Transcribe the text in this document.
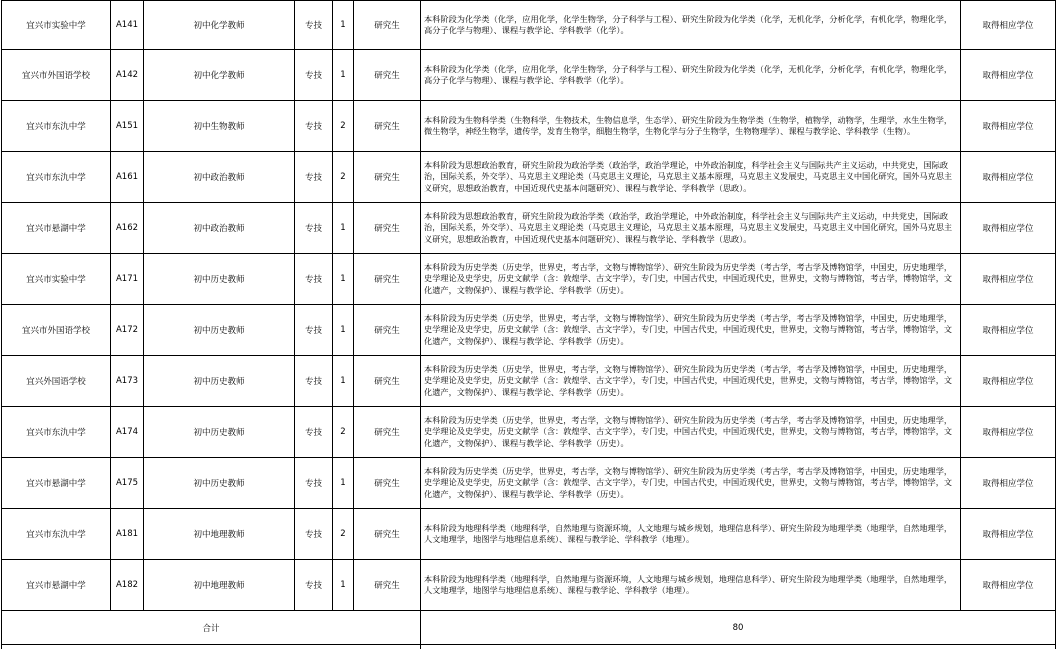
宜兴市实验中学	A141	初中化学教师	专技	1	研究生	本科阶段为化学类（化学，应用化学，化学生物学，分子科学与工程）、研究生阶段为化学类（化学，无机化学，分析化学，有机化学，物理化学，高分子化学与物理）、课程与教学论、学科教学（化学）。	取得相应学位
宜兴市外国语学校	A142	初中化学教师	专技	1	研究生	本科阶段为化学类（化学，应用化学，化学生物学，分子科学与工程）、研究生阶段为化学类（化学，无机化学，分析化学，有机化学，物理化学，高分子化学与物理）、课程与教学论、学科教学（化学）。	取得相应学位
宜兴市东氿中学	A151	初中生物教师	专技	2	研究生	本科阶段为生物科学类（生物科学，生物技术，生物信息学，生态学）、研究生阶段为生物学类（生物学，植物学，动物学，生理学，水生生物学，微生物学，神经生物学，遗传学，发育生物学，细胞生物学，生物化学与分子生物学，生物物理学）、课程与教学论、学科教学（生物）。	取得相应学位
宜兴市东氿中学	A161	初中政治教师	专技	2	研究生	本科阶段为思想政治教育，研究生阶段为政治学类（政治学，政治学理论，中外政治制度，科学社会主义与国际共产主义运动，中共党史，国际政治，国际关系，外交学）、马克思主义理论类（马克思主义理论，马克思主义基本原理，马克思主义发展史，马克思主义中国化研究，国外马克思主义研究，思想政治教育，中国近现代史基本问题研究）、课程与教学论、学科教学（思政）。	取得相应学位
宜兴市悬湖中学	A162	初中政治教师	专技	1	研究生	本科阶段为思想政治教育，研究生阶段为政治学类（政治学，政治学理论，中外政治制度，科学社会主义与国际共产主义运动，中共党史，国际政治，国际关系，外交学）、马克思主义理论类（马克思主义理论，马克思主义基本原理，马克思主义发展史，马克思主义中国化研究，国外马克思主义研究，思想政治教育，中国近现代史基本问题研究）、课程与教学论、学科教学（思政）。	取得相应学位
宜兴市实验中学	A171	初中历史教师	专技	1	研究生	本科阶段为历史学类（历史学，世界史，考古学，文物与博物馆学）、研究生阶段为历史学类（考古学，考古学及博物馆学，中国史，历史地理学，史学理论及史学史，历史文献学（含：敦煌学、古文字学），专门史，中国古代史，中国近现代史，世界史，文物与博物馆，考古学，博物馆学，文化遗产，文物保护）、课程与教学论、学科教学（历史）。	取得相应学位
宜兴市外国语学校	A172	初中历史教师	专技	1	研究生	本科阶段为历史学类（历史学，世界史，考古学，文物与博物馆学）、研究生阶段为历史学类（考古学，考古学及博物馆学，中国史，历史地理学，史学理论及史学史，历史文献学（含：敦煌学、古文字学），专门史，中国古代史，中国近现代史，世界史，文物与博物馆，考古学，博物馆学，文化遗产，文物保护）、课程与教学论、学科教学（历史）。	取得相应学位
宜兴外国语学校	A173	初中历史教师	专技	1	研究生	本科阶段为历史学类（历史学，世界史，考古学，文物与博物馆学）、研究生阶段为历史学类（考古学，考古学及博物馆学，中国史，历史地理学，史学理论及史学史，历史文献学（含：敦煌学、古文字学），专门史，中国古代史，中国近现代史，世界史，文物与博物馆，考古学，博物馆学，文化遗产，文物保护）、课程与教学论、学科教学（历史）。	取得相应学位
宜兴市东氿中学	A174	初中历史教师	专技	2	研究生	本科阶段为历史学类（历史学，世界史，考古学，文物与博物馆学）、研究生阶段为历史学类（考古学，考古学及博物馆学，中国史，历史地理学，史学理论及史学史，历史文献学（含：敦煌学、古文字学），专门史，中国古代史，中国近现代史，世界史，文物与博物馆，考古学，博物馆学，文化遗产，文物保护）、课程与教学论、学科教学（历史）。	取得相应学位
宜兴市悬湖中学	A175	初中历史教师	专技	1	研究生	本科阶段为历史学类（历史学，世界史，考古学，文物与博物馆学）、研究生阶段为历史学类（考古学，考古学及博物馆学，中国史，历史地理学，史学理论及史学史，历史文献学（含：敦煌学、古文字学），专门史，中国古代史，中国近现代史，世界史，文物与博物馆，考古学，博物馆学，文化遗产，文物保护）、课程与教学论、学科教学（历史）。	取得相应学位
宜兴市东氿中学	A181	初中地理教师	专技	2	研究生	本科阶段为地理科学类（地理科学，自然地理与资源环境，人文地理与城乡规划，地理信息科学）、研究生阶段为地理学类（地理学，自然地理学，人文地理学，地图学与地理信息系统）、课程与教学论、学科教学（地理）。	取得相应学位
宜兴市悬湖中学	A182	初中地理教师	专技	1	研究生	本科阶段为地理科学类（地理科学，自然地理与资源环境，人文地理与城乡规划，地理信息科学）、研究生阶段为地理学类（地理学，自然地理学，人文地理学，地图学与地理信息系统）、课程与教学论、学科教学（地理）。	取得相应学位
合计						80	
